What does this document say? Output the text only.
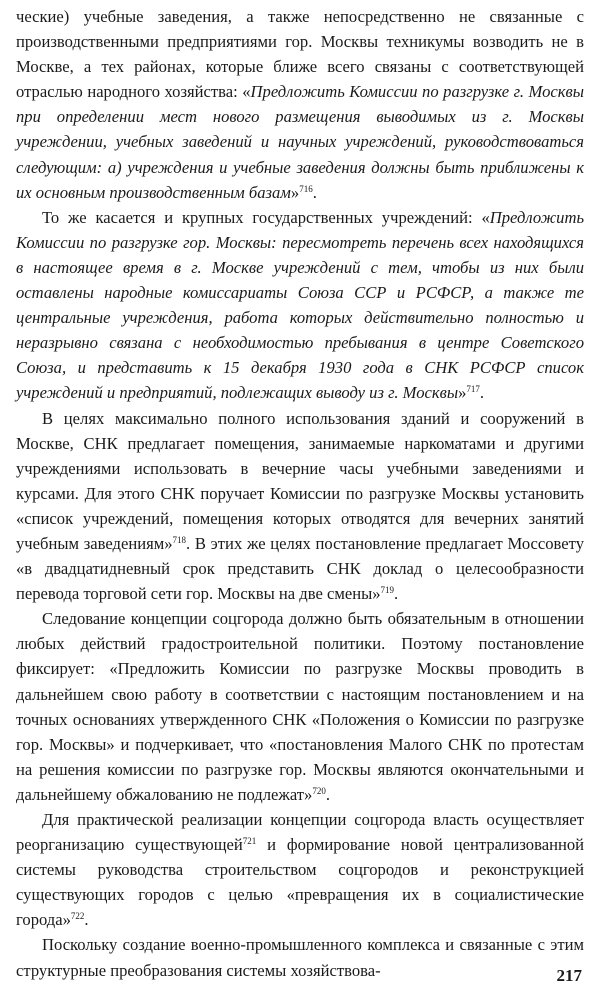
ческие) учебные заведения, а также непосредственно не связанные с производственными предприятиями гор. Москвы техникумы возводить не в Москве, а тех районах, которые ближе всего связаны с соответствующей отраслью народного хозяйства: «Предложить Комиссии по разгрузке г. Москвы при определении мест нового размещения выводимых из г. Москвы учреждении, учебных заведений и научных учреждений, руководствоваться следующим: а) учреждения и учебные заведения должны быть приближены к их основным производственным базам»$^{716}$.

То же касается и крупных государственных учреждений: «Предложить Комиссии по разгрузке гор. Москвы: пересмотреть перечень всех находящихся в настоящее время в г. Москве учреждений с тем, чтобы из них были оставлены народные комиссариаты Союза ССР и РСФСР, а также те центральные учреждения, работа которых действительно полностью и неразрывно связана с необходимостью пребывания в центре Советского Союза, и представить к 15 декабря 1930 года в СНК РСФСР список учреждений и предприятий, подлежащих выводу из г. Москвы»$^{717}$.

В целях максимально полного использования зданий и сооружений в Москве, СНК предлагает помещения, занимаемые наркоматами и другими учреждениями использовать в вечерние часы учебными заведениями и курсами. Для этого СНК поручает Комиссии по разгрузке Москвы установить «список учреждений, помещения которых отводятся для вечерних занятий учебным заведениям»$^{718}$. В этих же целях постановление предлагает Моссовету «в двадцатидневный срок представить СНК доклад о целесообразности перевода торговой сети гор. Москвы на две смены»$^{719}$.

Следование концепции соцгорода должно быть обязательным в отношении любых действий градостроительной политики. Поэтому постановление фиксирует: «Предложить Комиссии по разгрузке Москвы проводить в дальнейшем свою работу в соответствии с настоящим постановлением и на точных основаниях утвержденного СНК «Положения о Комиссии по разгрузке гор. Москвы» и подчеркивает, что «постановления Малого СНК по протестам на решения комиссии по разгрузке гор. Москвы являются окончательными и дальнейшему обжалованию не подлежат»$^{720}$.

Для практической реализации концепции соцгорода власть осуществляет реорганизацию существующей$^{721}$ и формирование новой централизованной системы руководства строительством соцгородов и реконструкцией существующих городов с целью «превращения их в социалистические города»$^{722}$.

Поскольку создание военно-промышленного комплекса и связанные с этим структурные преобразования системы хозяйствова-	217
